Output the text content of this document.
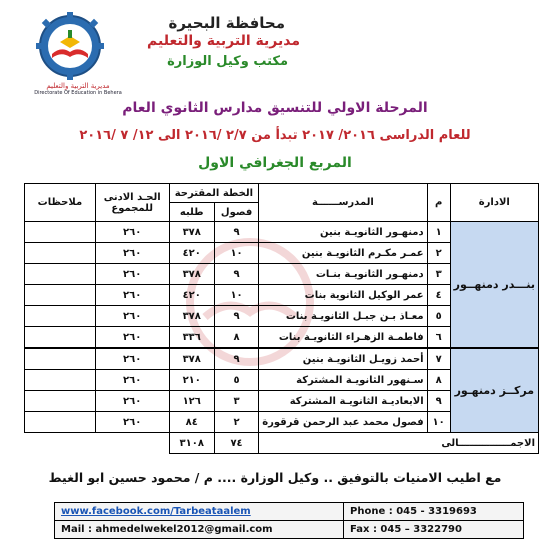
مديرية التربية والتعليم
Directorate Of Education in Behera
محافظة البحيرة
مديرية التربية والتعليم
مكتب وكيل الوزارة
المرحلة الاولي للتنسيق مدارس الثانوي العام
للعام الدراسى ٢٠١٦/ ٢٠١٧ تبدأ من ٢/٧ /٢٠١٦ الى ١٢/ ٧ /٢٠١٦
المربع الجغرافي الاول
الادارة	م	المدرســــــة	الخطة المقترحة		الحـد الادنى للمجموع	ملاحظات
			فصول	طلبه		
بنـــدر دمنهــور	١	دمنهـور الثانويـة بنين	٩	٣٧٨	٢٦٠	
	٢	عمـر مكـرم الثانويـة بنين	١٠	٤٢٠	٢٦٠	
	٣	دمنهـور الثانويـة بنـات	٩	٣٧٨	٢٦٠	
	٤	عمر الوكيل الثانوية بنات	١٠	٤٢٠	٢٦٠	
	٥	معـاذ بـن جبـل الثانويـة بنات	٩	٣٧٨	٢٦٠	
	٦	فاطمـة الزهـراء الثانويـة بنات	٨	٣٣٦	٢٦٠	
مركــز دمنهـور	٧	أحمد زويـل الثانويـة بنين	٩	٣٧٨	٢٦٠	
	٨	سـنهور الثانويـة المشتركة	٥	٢١٠	٢٦٠	
	٩	الابعاديـة الثانويـة المشتركة	٣	١٢٦	٢٦٠	
	١٠	فصول محمد عبد الرحمن قرقورة	٢	٨٤	٢٦٠	
الاجمـــــــــــــــالى			٧٤	٣١٠٨		
مع اطيب الامنيات بالتوفيق .. وكيل الوزارة .... م / محمود حسين ابو الغيط
www.facebook.com/Tarbeataalem	Phone : 045 - 3319693
Mail : ahmedelwekel2012@gmail.com	Fax : 045 – 3322790
